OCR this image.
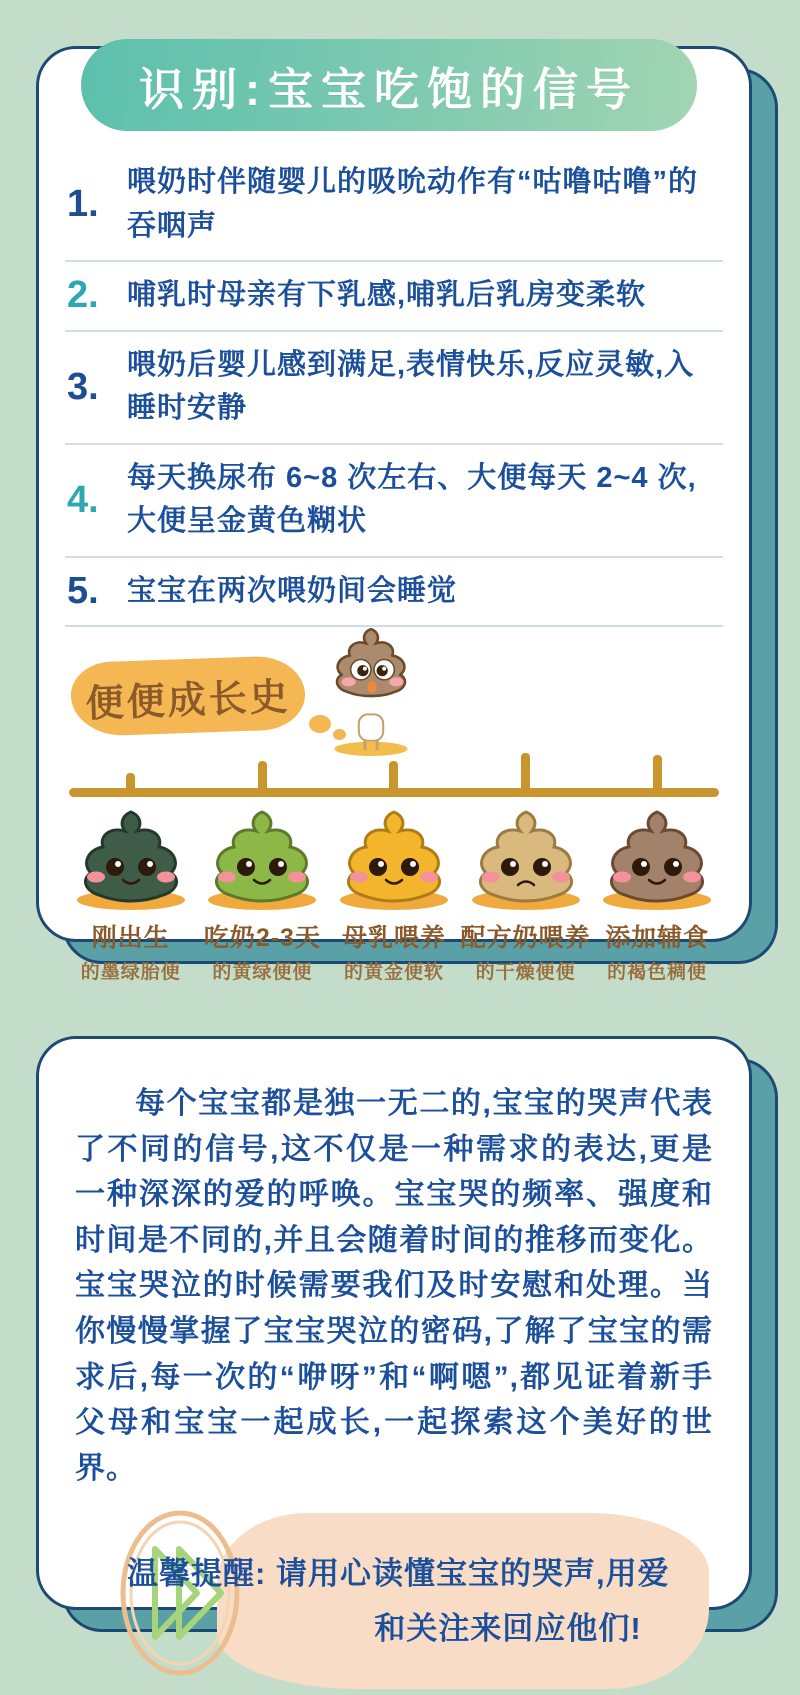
识别:宝宝吃饱的信号
1.
喂奶时伴随婴儿的吸吮动作有“咕噜咕噜”的吞咽声
2. 哺乳时母亲有下乳感,哺乳后乳房变柔软
3.
喂奶后婴儿感到满足,表情快乐,反应灵敏,入睡时安静
4.
每天换尿布 6~8 次左右、大便每天 2~4 次,大便呈金黄色糊状
5. 宝宝在两次喂奶间会睡觉
便便成长史
刚出生
的墨绿胎便
吃奶2-3天
的黄绿便便
母乳喂养
的黄金便软
配方奶喂养
的干燥便便
添加辅食
的褐色稠便
每个宝宝都是独一无二的,宝宝的哭声代表了不同的信号,这不仅是一种需求的表达,更是一种深深的爱的呼唤。宝宝哭的频率、强度和时间是不同的,并且会随着时间的推移而变化。宝宝哭泣的时候需要我们及时安慰和处理。当你慢慢掌握了宝宝哭泣的密码,了解了宝宝的需求后,每一次的“咿呀”和“啊嗯”,都见证着新手父母和宝宝一起成长,一起探索这个美好的世界。
温馨提醒: 请用心读懂宝宝的哭声,用爱
和关注来回应他们!
